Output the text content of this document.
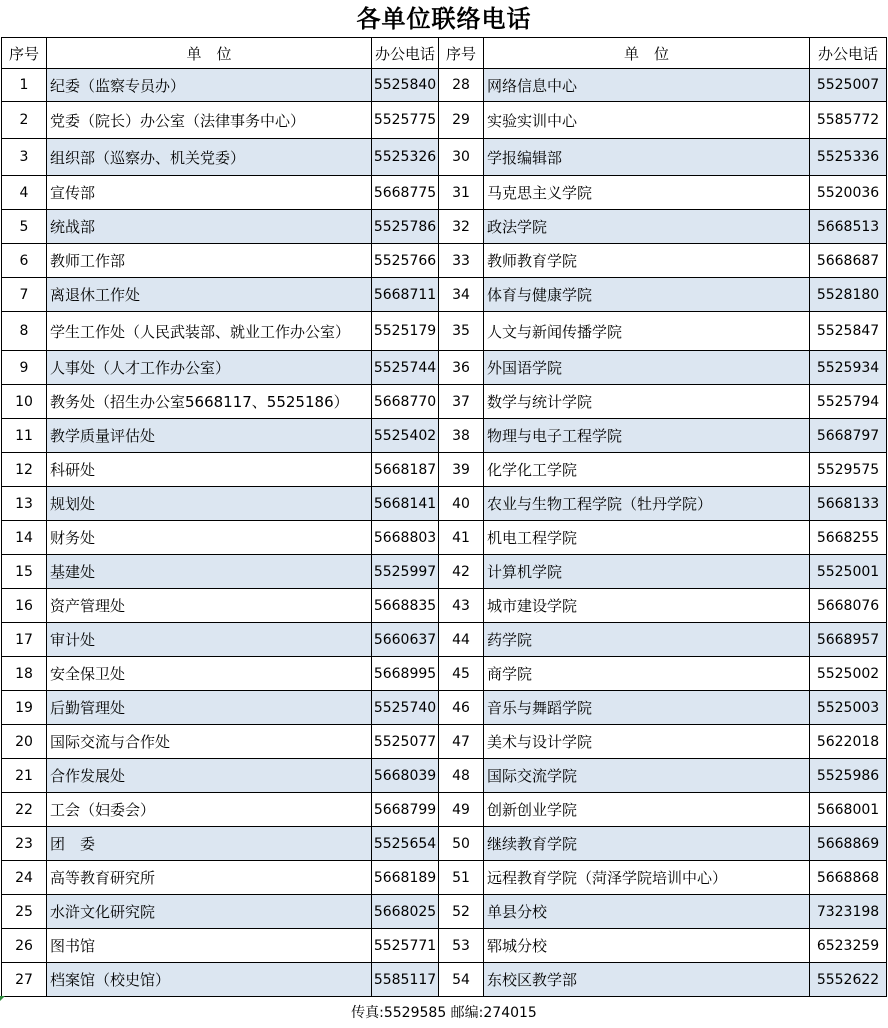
各单位联络电话
序号	单　位	办公电话	序号	单　位	办公电话
1	纪委（监察专员办）	5525840	28	网络信息中心	5525007
2	党委（院长）办公室（法律事务中心）	5525775	29	实验实训中心	5585772
3	组织部（巡察办、机关党委）	5525326	30	学报编辑部	5525336
4	宣传部	5668775	31	马克思主义学院	5520036
5	统战部	5525786	32	政法学院	5668513
6	教师工作部	5525766	33	教师教育学院	5668687
7	离退休工作处	5668711	34	体育与健康学院	5528180
8	学生工作处（人民武装部、就业工作办公室）	5525179	35	人文与新闻传播学院	5525847
9	人事处（人才工作办公室）	5525744	36	外国语学院	5525934
10	教务处（招生办公室5668117、5525186）	5668770	37	数学与统计学院	5525794
11	教学质量评估处	5525402	38	物理与电子工程学院	5668797
12	科研处	5668187	39	化学化工学院	5529575
13	规划处	5668141	40	农业与生物工程学院（牡丹学院）	5668133
14	财务处	5668803	41	机电工程学院	5668255
15	基建处	5525997	42	计算机学院	5525001
16	资产管理处	5668835	43	城市建设学院	5668076
17	审计处	5660637	44	药学院	5668957
18	安全保卫处	5668995	45	商学院	5525002
19	后勤管理处	5525740	46	音乐与舞蹈学院	5525003
20	国际交流与合作处	5525077	47	美术与设计学院	5622018
21	合作发展处	5668039	48	国际交流学院	5525986
22	工会（妇委会）	5668799	49	创新创业学院	5668001
23	团　委	5525654	50	继续教育学院	5668869
24	高等教育研究所	5668189	51	远程教育学院（菏泽学院培训中心）	5668868
25	水浒文化研究院	5668025	52	单县分校	7323198
26	图书馆	5525771	53	郓城分校	6523259
27	档案馆（校史馆）	5585117	54	东校区教学部	5552622
传真:5529585 邮编:274015
